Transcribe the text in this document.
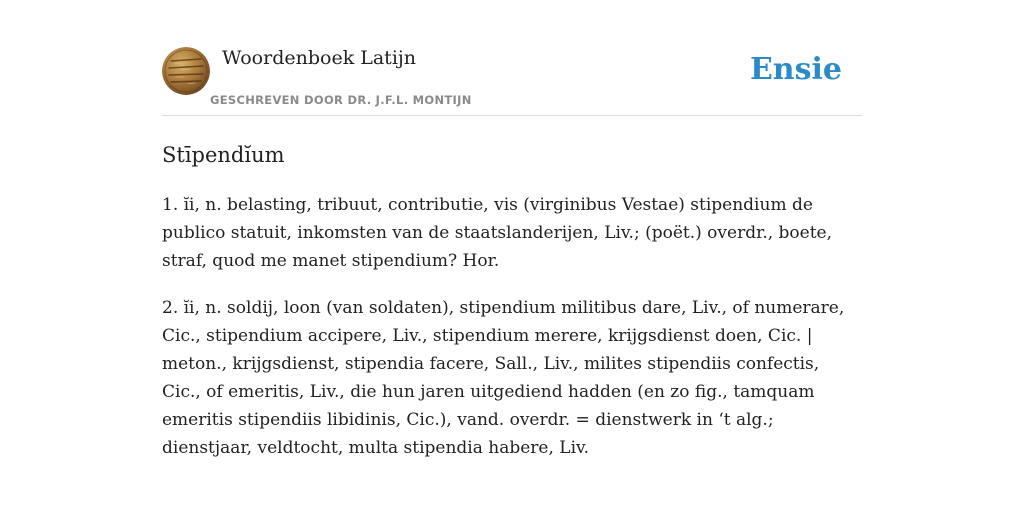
Woordenboek Latijn
GESCHREVEN DOOR DR. J.F.L. MONTIJN
Ensie
Stīpendĭum

1. ĭi, n. belasting, tribuut, contributie, vis (virginibus Vestae) stipendium de publico statuit, inkomsten van de staatslanderijen, Liv.; (poët.) overdr., boete, straf, quod me manet stipendium? Hor.

2. ĭi, n. soldij, loon (van soldaten), stipendium militibus dare, Liv., of numerare, Cic., stipendium accipere, Liv., stipendium merere, krijgsdienst doen, Cic. | meton., krijgsdienst, stipendia facere, Sall., Liv., milites stipendiis confectis, Cic., of emeritis, Liv., die hun jaren uitgediend hadden (en zo fig., tamquam emeritis stipendiis libidinis, Cic.), vand. overdr. = dienstwerk in ‘t alg.; dienstjaar, veldtocht, multa stipendia habere, Liv.
